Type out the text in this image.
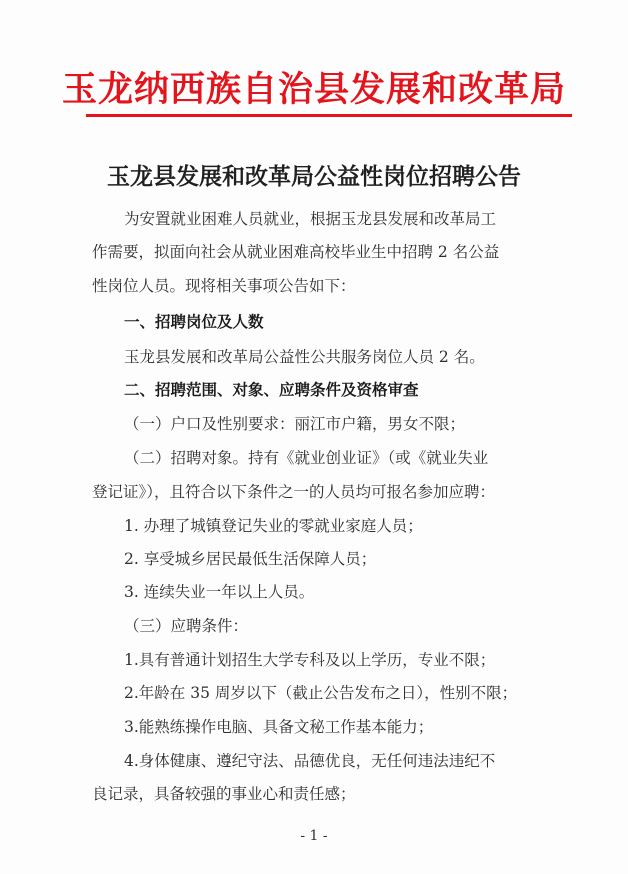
玉龙纳西族自治县发展和改革局
玉龙县发展和改革局公益性岗位招聘公告
为安置就业困难人员就业，根据玉龙县发展和改革局工
作需要，拟面向社会从就业困难高校毕业生中招聘 2 名公益
性岗位人员。现将相关事项公告如下：
一、招聘岗位及人数
玉龙县发展和改革局公益性公共服务岗位人员 2 名。
二、招聘范围、对象、应聘条件及资格审查
（一）户口及性别要求：丽江市户籍，男女不限；
（二）招聘对象。持有《就业创业证》（或《就业失业
登记证》），且符合以下条件之一的人员均可报名参加应聘：
1. 办理了城镇登记失业的零就业家庭人员；
2. 享受城乡居民最低生活保障人员；
3. 连续失业一年以上人员。
（三）应聘条件：
1.具有普通计划招生大学专科及以上学历，专业不限；
2.年龄在 35 周岁以下（截止公告发布之日），性别不限；
3.能熟练操作电脑、具备文秘工作基本能力；
4.身体健康、遵纪守法、品德优良，无任何违法违纪不
良记录，具备较强的事业心和责任感；
- 1 -
